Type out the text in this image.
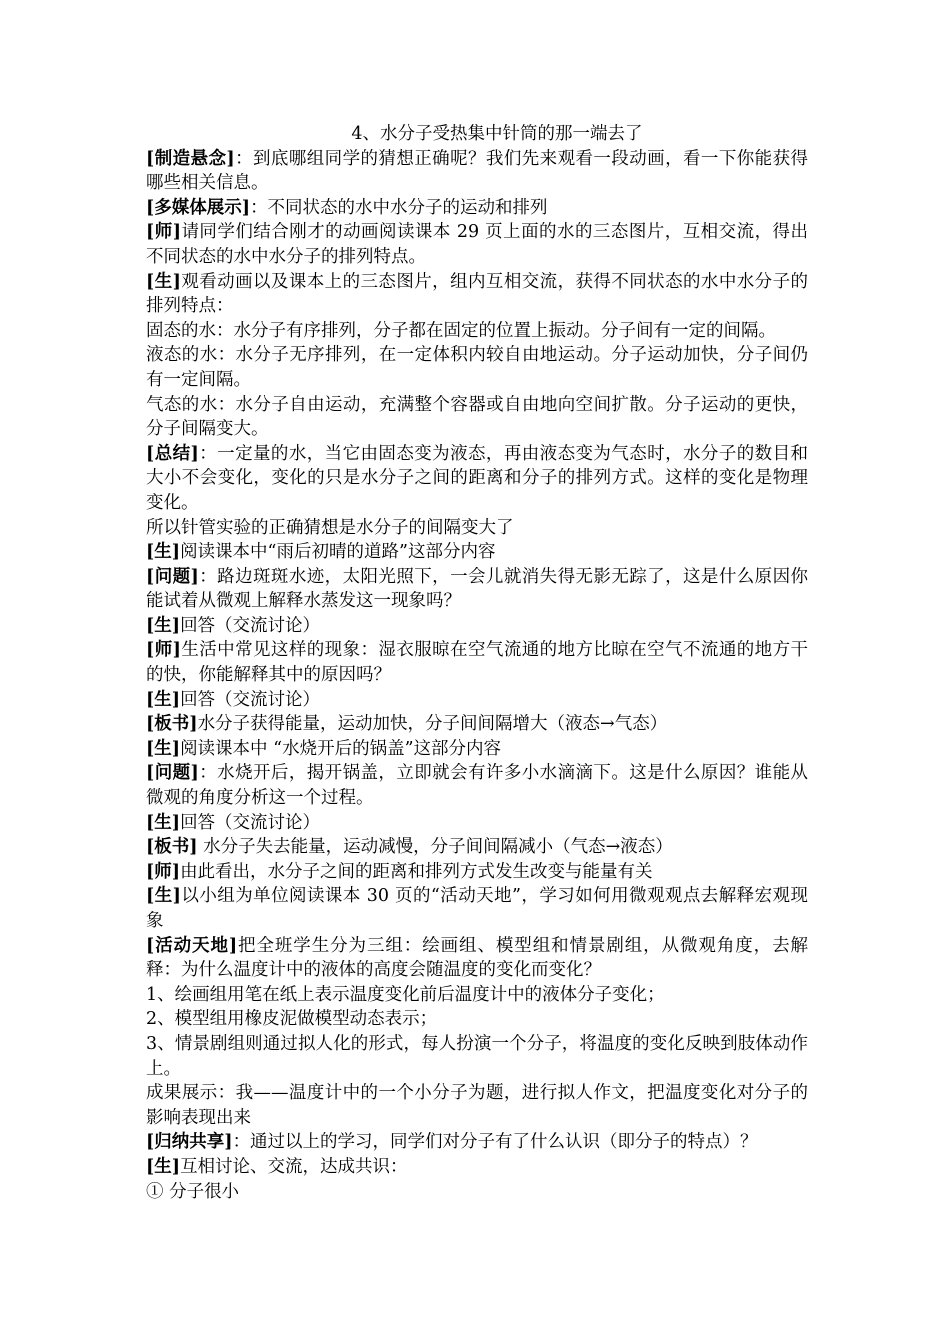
4、水分子受热集中针筒的那一端去了

[制造悬念]：到底哪组同学的猜想正确呢？我们先来观看一段动画，看一下你能获得哪些相关信息。

[多媒体展示]：不同状态的水中水分子的运动和排列

[师]请同学们结合刚才的动画阅读课本 29 页上面的水的三态图片，互相交流，得出不同状态的水中水分子的排列特点。

[生]观看动画以及课本上的三态图片，组内互相交流，获得不同状态的水中水分子的排列特点：

固态的水：水分子有序排列，分子都在固定的位置上振动。分子间有一定的间隔。

液态的水：水分子无序排列，在一定体积内较自由地运动。分子运动加快，分子间仍有一定间隔。

气态的水：水分子自由运动，充满整个容器或自由地向空间扩散。分子运动的更快，分子间隔变大。

[总结]：一定量的水，当它由固态变为液态，再由液态变为气态时，水分子的数目和大小不会变化，变化的只是水分子之间的距离和分子的排列方式。这样的变化是物理变化。

所以针管实验的正确猜想是水分子的间隔变大了

[生]阅读课本中“雨后初晴的道路”这部分内容

[问题]：路边斑斑水迹，太阳光照下，一会儿就消失得无影无踪了，这是什么原因你能试着从微观上解释水蒸发这一现象吗？

[生]回答（交流讨论）

[师]生活中常见这样的现象：湿衣服晾在空气流通的地方比晾在空气不流通的地方干的快，你能解释其中的原因吗？

[生]回答（交流讨论）

[板书]水分子获得能量，运动加快，分子间间隔增大（液态→气态）

[生]阅读课本中 “水烧开后的锅盖”这部分内容

[问题]：水烧开后，揭开锅盖，立即就会有许多小水滴滴下。这是什么原因？谁能从微观的角度分析这一个过程。

[生]回答（交流讨论）

[板书] 水分子失去能量，运动减慢，分子间间隔减小（气态→液态）

[师]由此看出，水分子之间的距离和排列方式发生改变与能量有关

[生]以小组为单位阅读课本 30 页的“活动天地”，学习如何用微观观点去解释宏观现象

[活动天地]把全班学生分为三组：绘画组、模型组和情景剧组，从微观角度，去解释：为什么温度计中的液体的高度会随温度的变化而变化？

1、绘画组用笔在纸上表示温度变化前后温度计中的液体分子变化；

2、模型组用橡皮泥做模型动态表示；

3、情景剧组则通过拟人化的形式，每人扮演一个分子，将温度的变化反映到肢体动作上。

成果展示：我——温度计中的一个小分子为题，进行拟人作文，把温度变化对分子的影响表现出来

[归纳共享]：通过以上的学习，同学们对分子有了什么认识（即分子的特点）？

[生]互相讨论、交流，达成共识：

① 分子很小
